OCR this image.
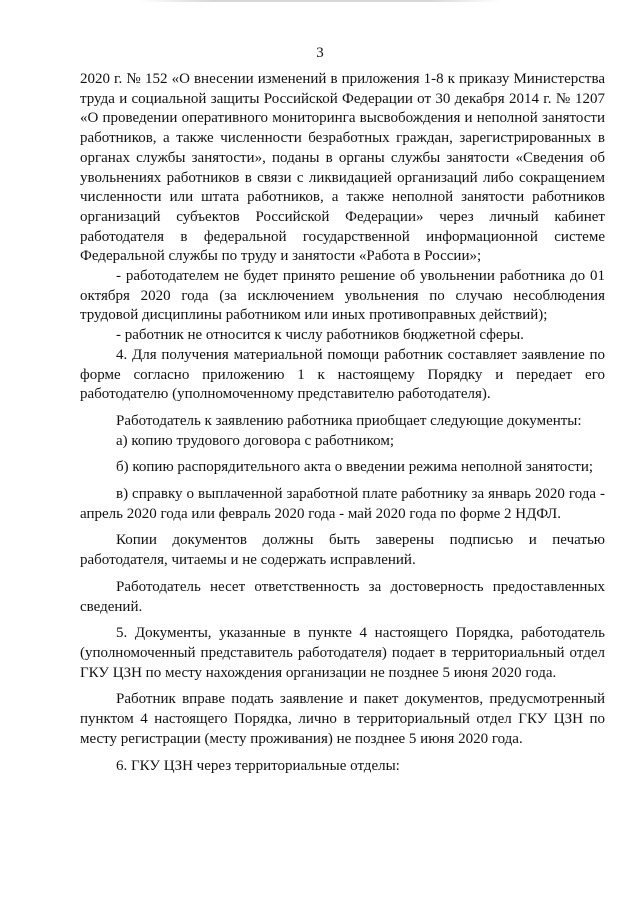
3

2020 г. № 152 «О внесении изменений в приложения 1-8 к приказу Министерства труда и социальной защиты Российской Федерации от 30 декабря 2014 г. № 1207 «О проведении оперативного мониторинга высвобождения и неполной занятости работников, а также численности безработных граждан, зарегистрированных в органах службы занятости», поданы в органы службы занятости «Сведения об увольнениях работников в связи с ликвидацией организаций либо сокращением численности или штата работников, а также неполной занятости работников организаций субъектов Российской Федерации» через личный кабинет работодателя в федеральной государственной информационной системе Федеральной службы по труду и занятости «Работа в России»;

- работодателем не будет принято решение об увольнении работника до 01 октября 2020 года (за исключением увольнения по случаю несоблюдения трудовой дисциплины работником или иных противоправных действий);

- работник не относится к числу работников бюджетной сферы.

4. Для получения материальной помощи работник составляет заявление по форме согласно приложению 1 к настоящему Порядку и передает его работодателю (уполномоченному представителю работодателя).

Работодатель к заявлению работника приобщает следующие документы:

а) копию трудового договора с работником;

б) копию распорядительного акта о введении режима неполной занятости;

в) справку о выплаченной заработной плате работнику за январь 2020 года - апрель 2020 года или февраль 2020 года - май 2020 года по форме 2 НДФЛ.

Копии документов должны быть заверены подписью и печатью работодателя, читаемы и не содержать исправлений.

Работодатель несет ответственность за достоверность предоставленных сведений.

5. Документы, указанные в пункте 4 настоящего Порядка, работодатель (уполномоченный представитель работодателя) подает в территориальный отдел ГКУ ЦЗН по месту нахождения организации не позднее 5 июня 2020 года.

Работник вправе подать заявление и пакет документов, предусмотренный пунктом 4 настоящего Порядка, лично в территориальный отдел ГКУ ЦЗН по месту регистрации (месту проживания) не позднее 5 июня 2020 года.

6. ГКУ ЦЗН через территориальные отделы:
